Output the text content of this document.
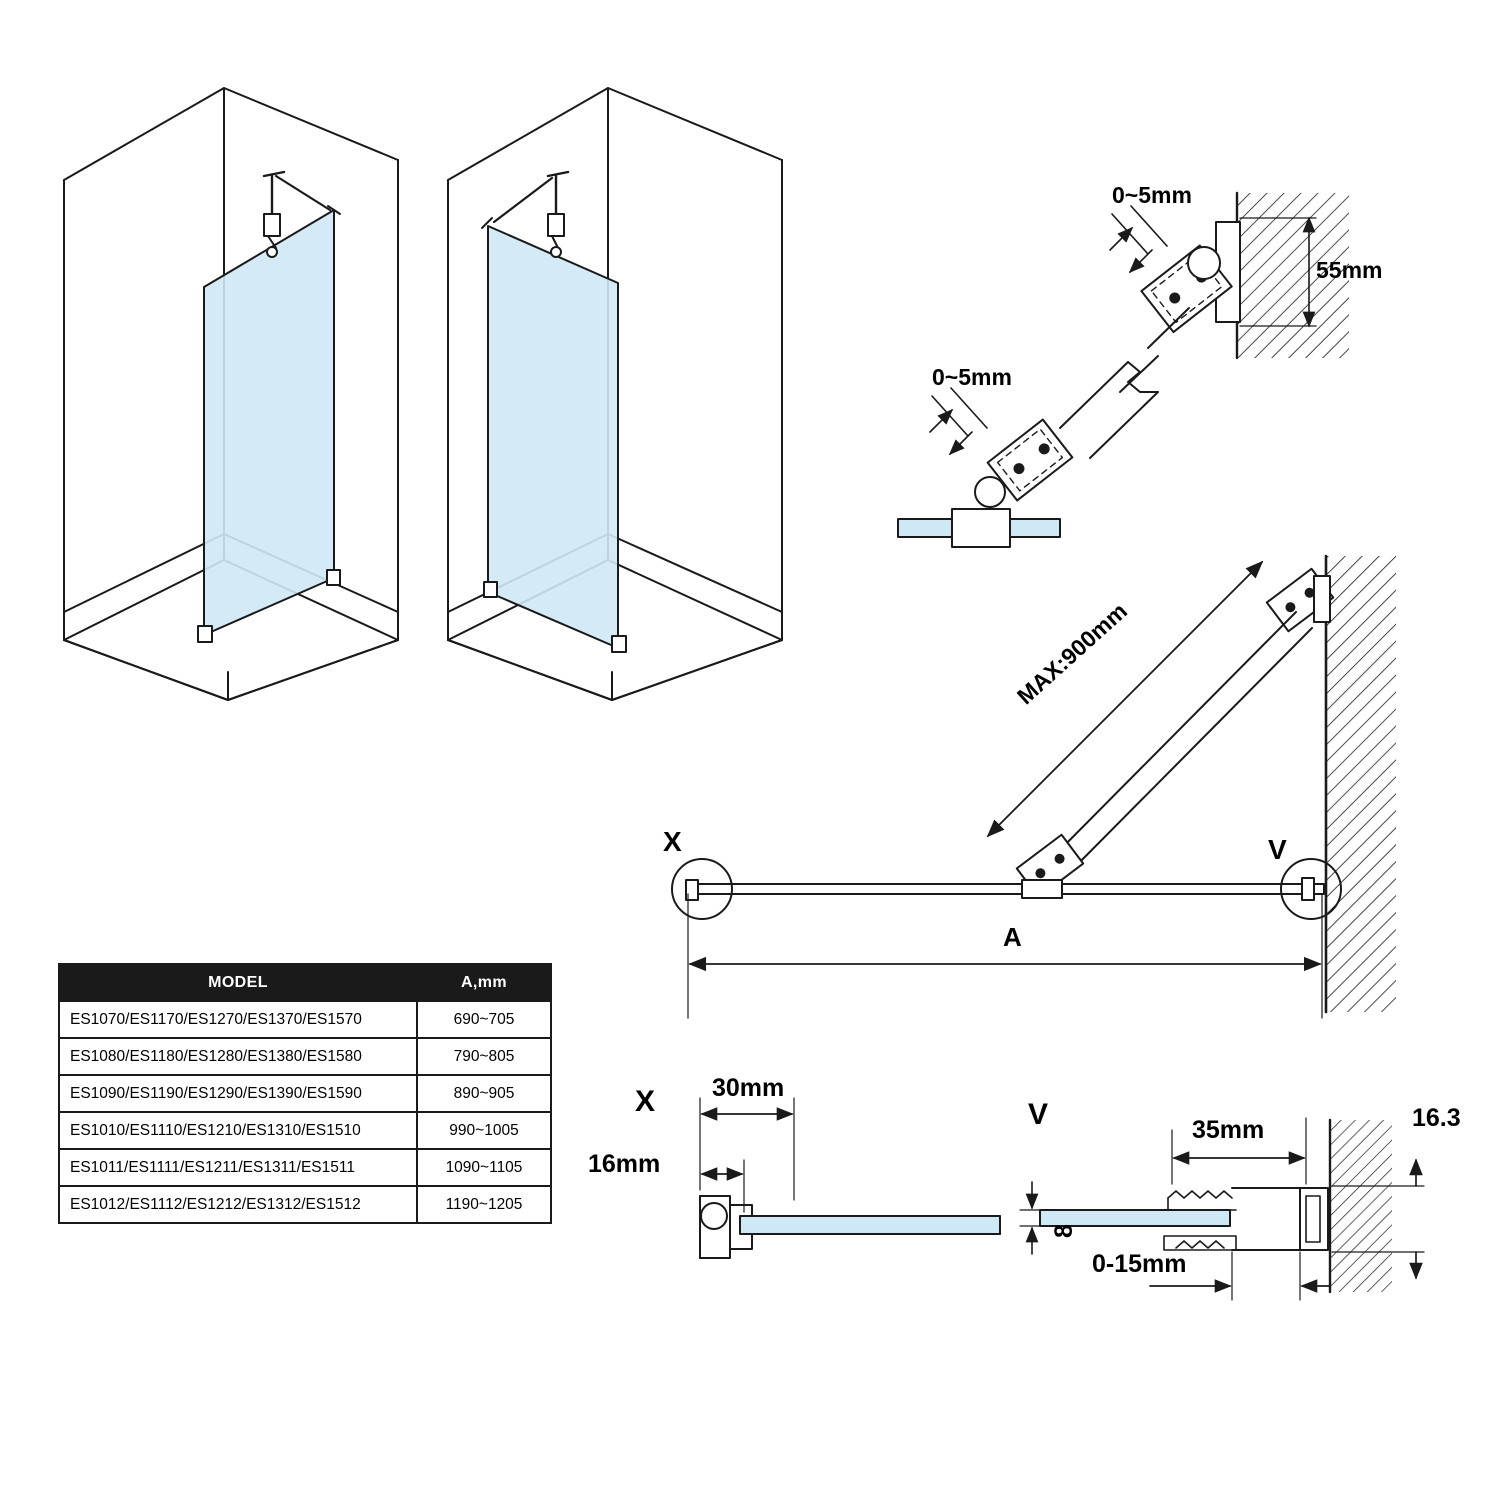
0~5mm
0~5mm
55mm
MAX:900mm
X	V
A
X 30mm
16mm
V	35mm	16.3
8
0-15mm
MODEL	A,mm
ES1070/ES1170/ES1270/ES1370/ES1570	690~705
ES1080/ES1180/ES1280/ES1380/ES1580	790~805
ES1090/ES1190/ES1290/ES1390/ES1590	890~905
ES1010/ES1110/ES1210/ES1310/ES1510	990~1005
ES1011/ES1111/ES1211/ES1311/ES1511	1090~1105
ES1012/ES1112/ES1212/ES1312/ES1512	1190~1205
